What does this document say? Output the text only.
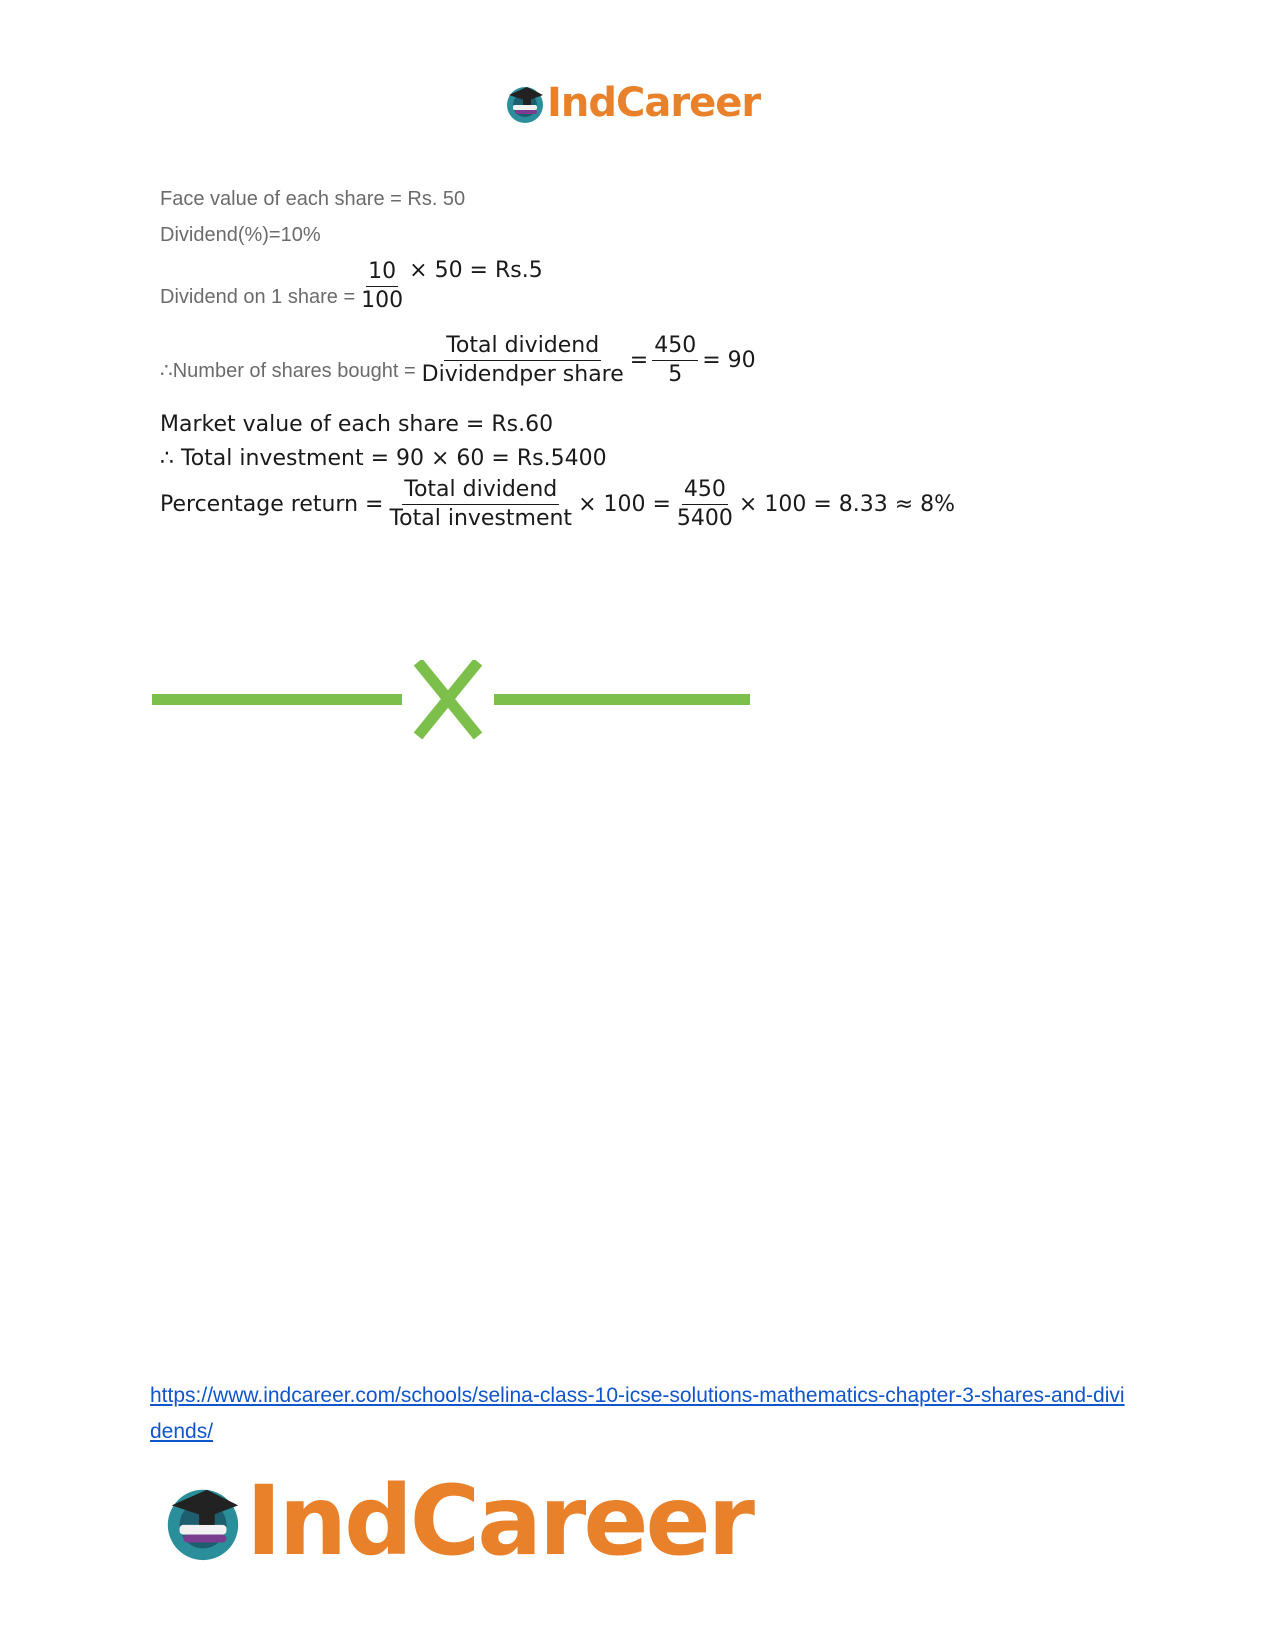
IndCareer
Face value of each share = Rs. 50
Dividend(%)=10%
Dividend on 1 share = $\frac{10}{100} \times 50 = Rs.5$
∴Number of shares bought = $\frac{\text{Total dividend}}{\text{Dividendper share}} = \frac{450}{5} = 90$
Market value of each share = Rs.60
∴ Total investment = 90 × 60 = Rs.5400
Percentage return = $\frac{\text{Total dividend}}{\text{Total investment}} \times 100 = \frac{450}{5400} \times 100 = 8.33 \approx 8\%$
https://www.indcareer.com/schools/selina-class-10-icse-solutions-mathematics-chapter-3-shares-and-dividends/
IndCareer
